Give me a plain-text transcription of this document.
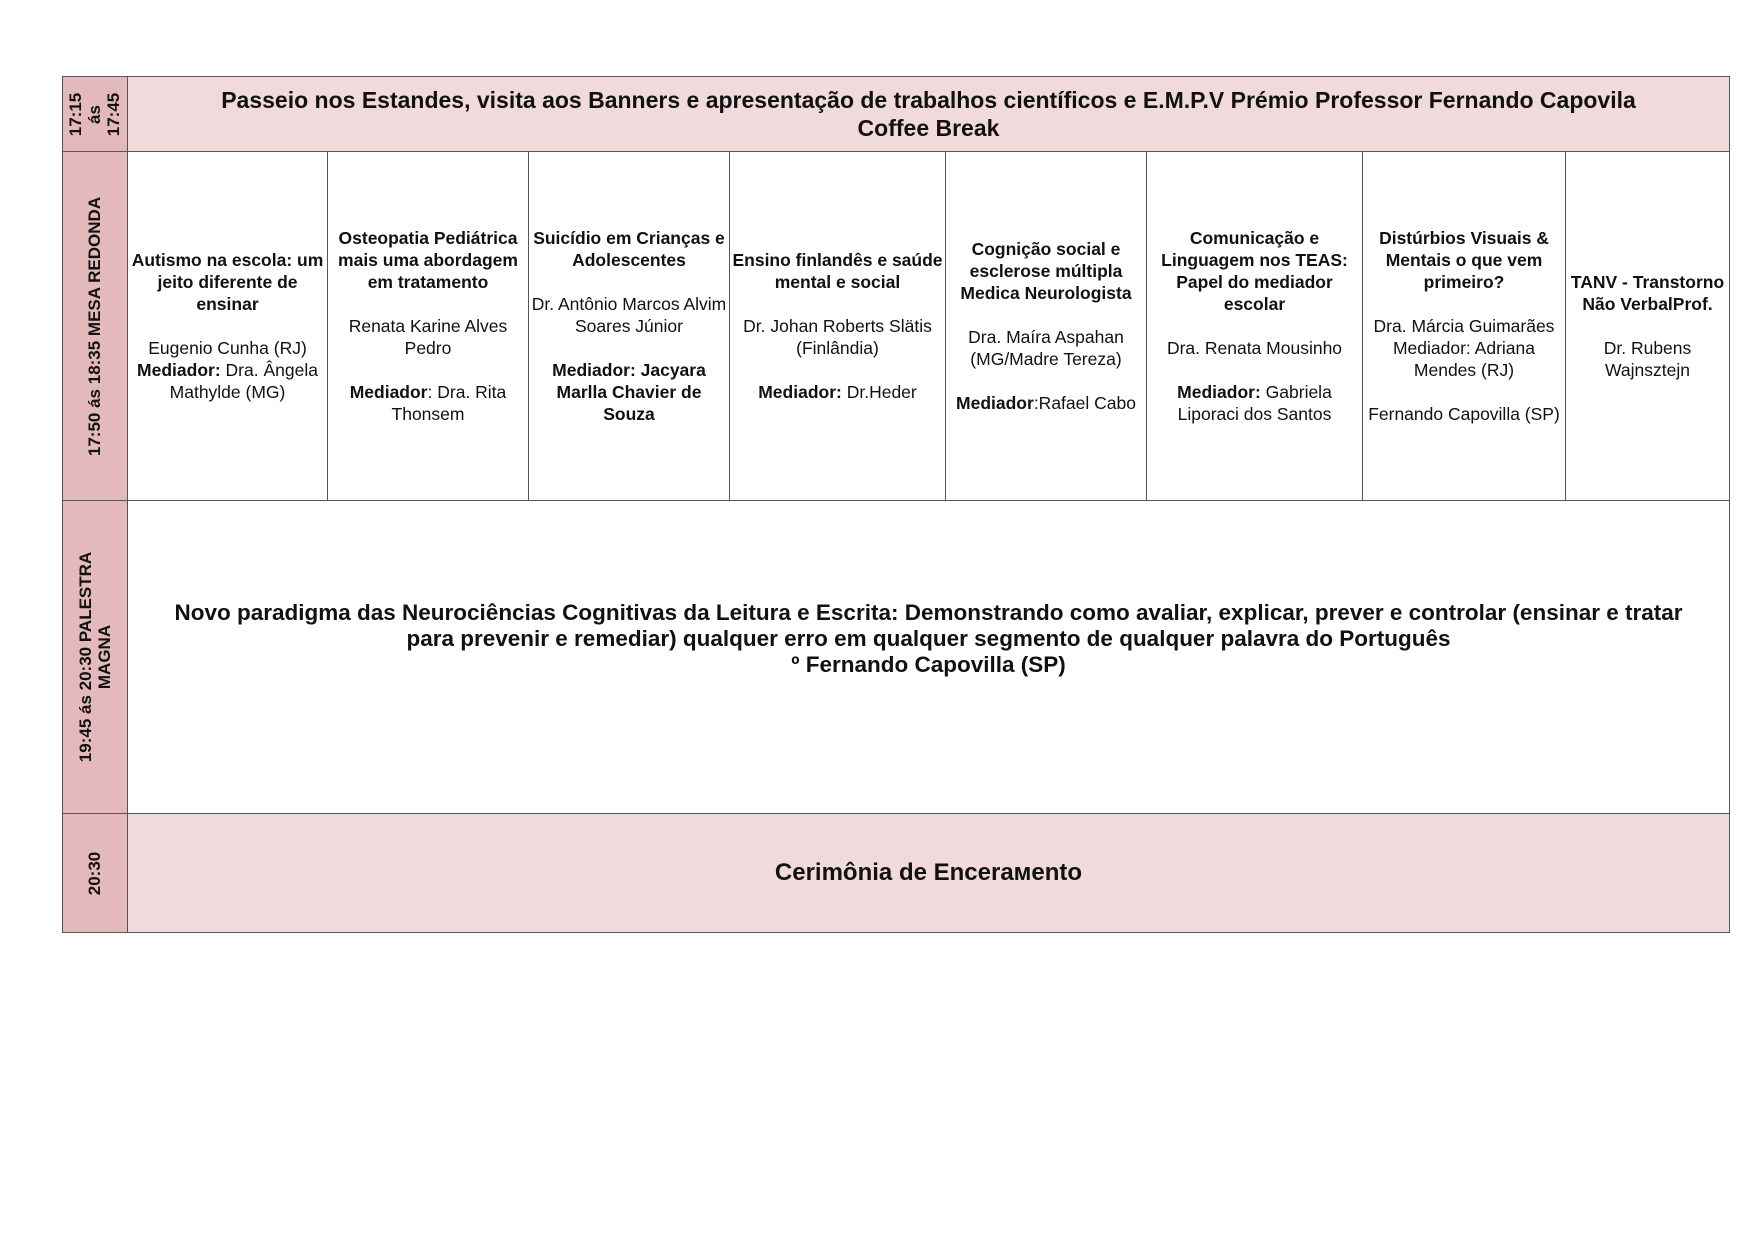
17:15 ás 17:45	Passeio nos Estandes, visita aos Banners e apresentação de trabalhos científicos e E.M.P.V Prémio Professor Fernando Capovila
Coffee Break
17:50 ás 18:35 MESA REDONDA Autismo na escola: um jeito diferente de ensinar
Eugenio Cunha (RJ)
Mediador: Dra. Ângela Mathylde (MG)
Osteopatia Pediátrica mais uma abordagem em tratamento
Renata Karine Alves Pedro
Mediador: Dra. Rita Thonsem
Suicídio em Crianças e Adolescentes
Dr. Antônio Marcos Alvim Soares Júnior
Mediador: Jacyara Marlla Chavier de Souza
Ensino finlandês e saúde mental e social
Dr. Johan Roberts Slätis (Finlândia)
Mediador: Dr.Heder
Cognição social e esclerose múltipla Medica Neurologista
Dra. Maíra Aspahan (MG/Madre Tereza)
Mediador:Rafael Cabo
Comunicação e Linguagem nos TEAS: Papel do mediador escolar
Dra. Renata Mousinho
Mediador: Gabriela Liporaci dos Santos
Distúrbios Visuais & Mentais o que vem primeiro?
Dra. Márcia Guimarães Mediador: Adriana Mendes (RJ)
Fernando Capovilla (SP)
TANV - Transtorno Não VerbalProf.
Dr. Rubens Wajnsztejn
19:45 ás 20:30 PALESTRA MAGNA
Novo paradigma das Neurociências Cognitivas da Leitura e Escrita: Demonstrando como avaliar, explicar, prever e controlar (ensinar e tratar para prevenir e remediar) qualquer erro em qualquer segmento de qualquer palavra do Português
º Fernando Capovilla (SP)
20:30	Cerimônia de Encerамento
